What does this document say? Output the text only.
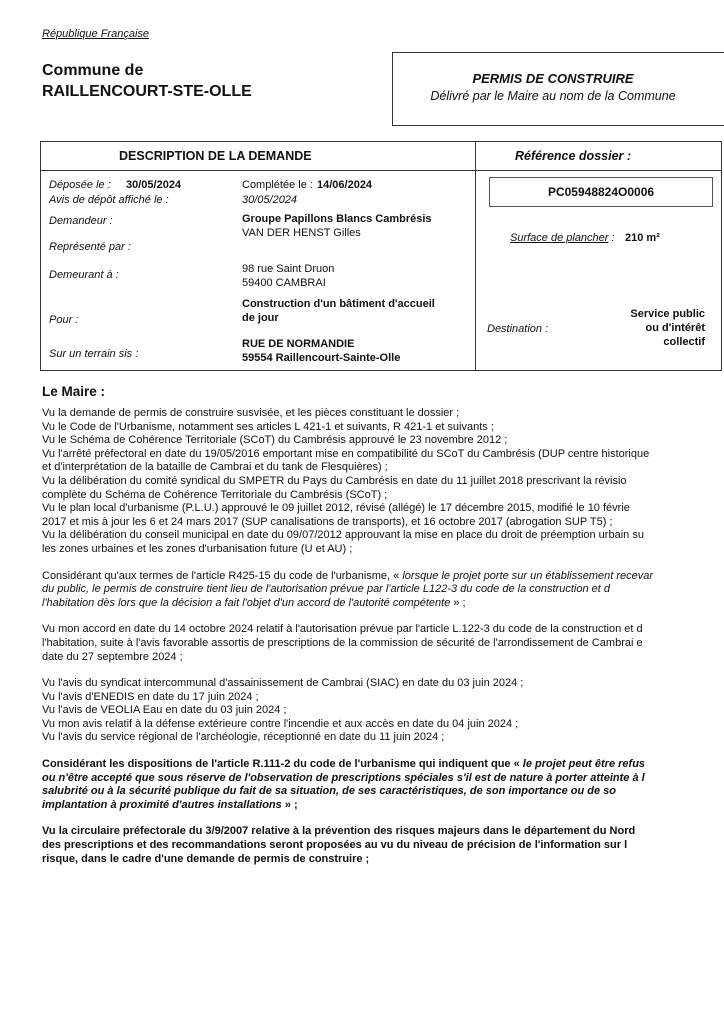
République Française
Commune de
RAILLENCOURT-STE-OLLE
PERMIS DE CONSTRUIRE
Délivré par le Maire au nom de la Commune
DESCRIPTION DE LA DEMANDE	Référence dossier :
Déposée le : 30/05/2024	Complétée le : 14/06/2024
Avis de dépôt affiché le :	30/05/2024
Demandeur :	Groupe Papillons Blancs Cambrésis
VAN DER HENST Gilles
Représenté par :
Demeurant à :	98 rue Saint Druon
59400 CAMBRAI
Pour :
Construction d'un bâtiment d'accueil
de jour
Sur un terrain sis :
RUE DE NORMANDIE
59554 Raillencourt-Sainte-Olle
PC05948824O0006
Surface de plancher : 210 m²
Destination :
Service public
ou d'intérêt
collectif
Le Maire :

Vu la demande de permis de construire susvisée, et les pièces constituant le dossier ;

Vu le Code de l'Urbanisme, notamment ses articles L 421-1 et suivants, R 421-1 et suivants ;

Vu le Schéma de Cohérence Territoriale (SCoT) du Cambrésis approuvé le 23 novembre 2012 ;

Vu l'arrêté préfectoral en date du 19/05/2016 emportant mise en compatibilité du SCoT du Cambrésis (DUP centre historique

et d'interprétation de la bataille de Cambrai et du tank de Flesquières) ;

Vu la délibération du comité syndical du SMPETR du Pays du Cambrésis en date du 11 juillet 2018 prescrivant la révisio

complète du Schéma de Cohérence Territoriale du Cambrésis (SCoT) ;

Vu le plan local d'urbanisme (P.L.U.) approuvé le 09 juillet 2012, révisé (allégé) le 17 décembre 2015, modifié le 10 févrie

2017 et mis à jour les 6 et 24 mars 2017 (SUP canalisations de transports), et 16 octobre 2017 (abrogation SUP T5) ;

Vu la délibération du conseil municipal en date du 09/07/2012 approuvant la mise en place du droit de préemption urbain su

les zones urbaines et les zones d'urbanisation future (U et AU) ;

Considérant qu'aux termes de l'article R425-15 du code de l'urbanisme, « lorsque le projet porte sur un établissement recevar

du public, le permis de construire tient lieu de l'autorisation prévue par l'article L122-3 du code de la construction et d

l'habitation dès lors que la décision a fait l'objet d'un accord de l'autorité compétente » ;

Vu mon accord en date du 14 octobre 2024 relatif à l'autorisation prévue par l'article L.122-3 du code de la construction et d

l'habitation, suite à l'avis favorable assortis de prescriptions de la commission de sécurité de l'arrondissement de Cambrai e

date du 27 septembre 2024 ;

Vu l'avis du syndicat intercommunal d'assainissement de Cambrai (SIAC) en date du 03 juin 2024 ;

Vu l'avis d'ENEDIS en date du 17 juin 2024 ;

Vu l'avis de VEOLIA Eau en date du 03 juin 2024 ;

Vu mon avis relatif à la défense extérieure contre l'incendie et aux accès en date du 04 juin 2024 ;

Vu l'avis du service régional de l'archéologie, réceptionné en date du 11 juin 2024 ;

Considérant les dispositions de l'article R.111-2 du code de l'urbanisme qui indiquent que « le projet peut être refus

ou n'être accepté que sous réserve de l'observation de prescriptions spéciales s'il est de nature à porter atteinte à l

salubrité ou à la sécurité publique du fait de sa situation, de ses caractéristiques, de son importance ou de so

implantation à proximité d'autres installations » ;

Vu la circulaire préfectorale du 3/9/2007 relative à la prévention des risques majeurs dans le département du Nord

des prescriptions et des recommandations seront proposées au vu du niveau de précision de l'information sur l

risque, dans le cadre d'une demande de permis de construire ;
